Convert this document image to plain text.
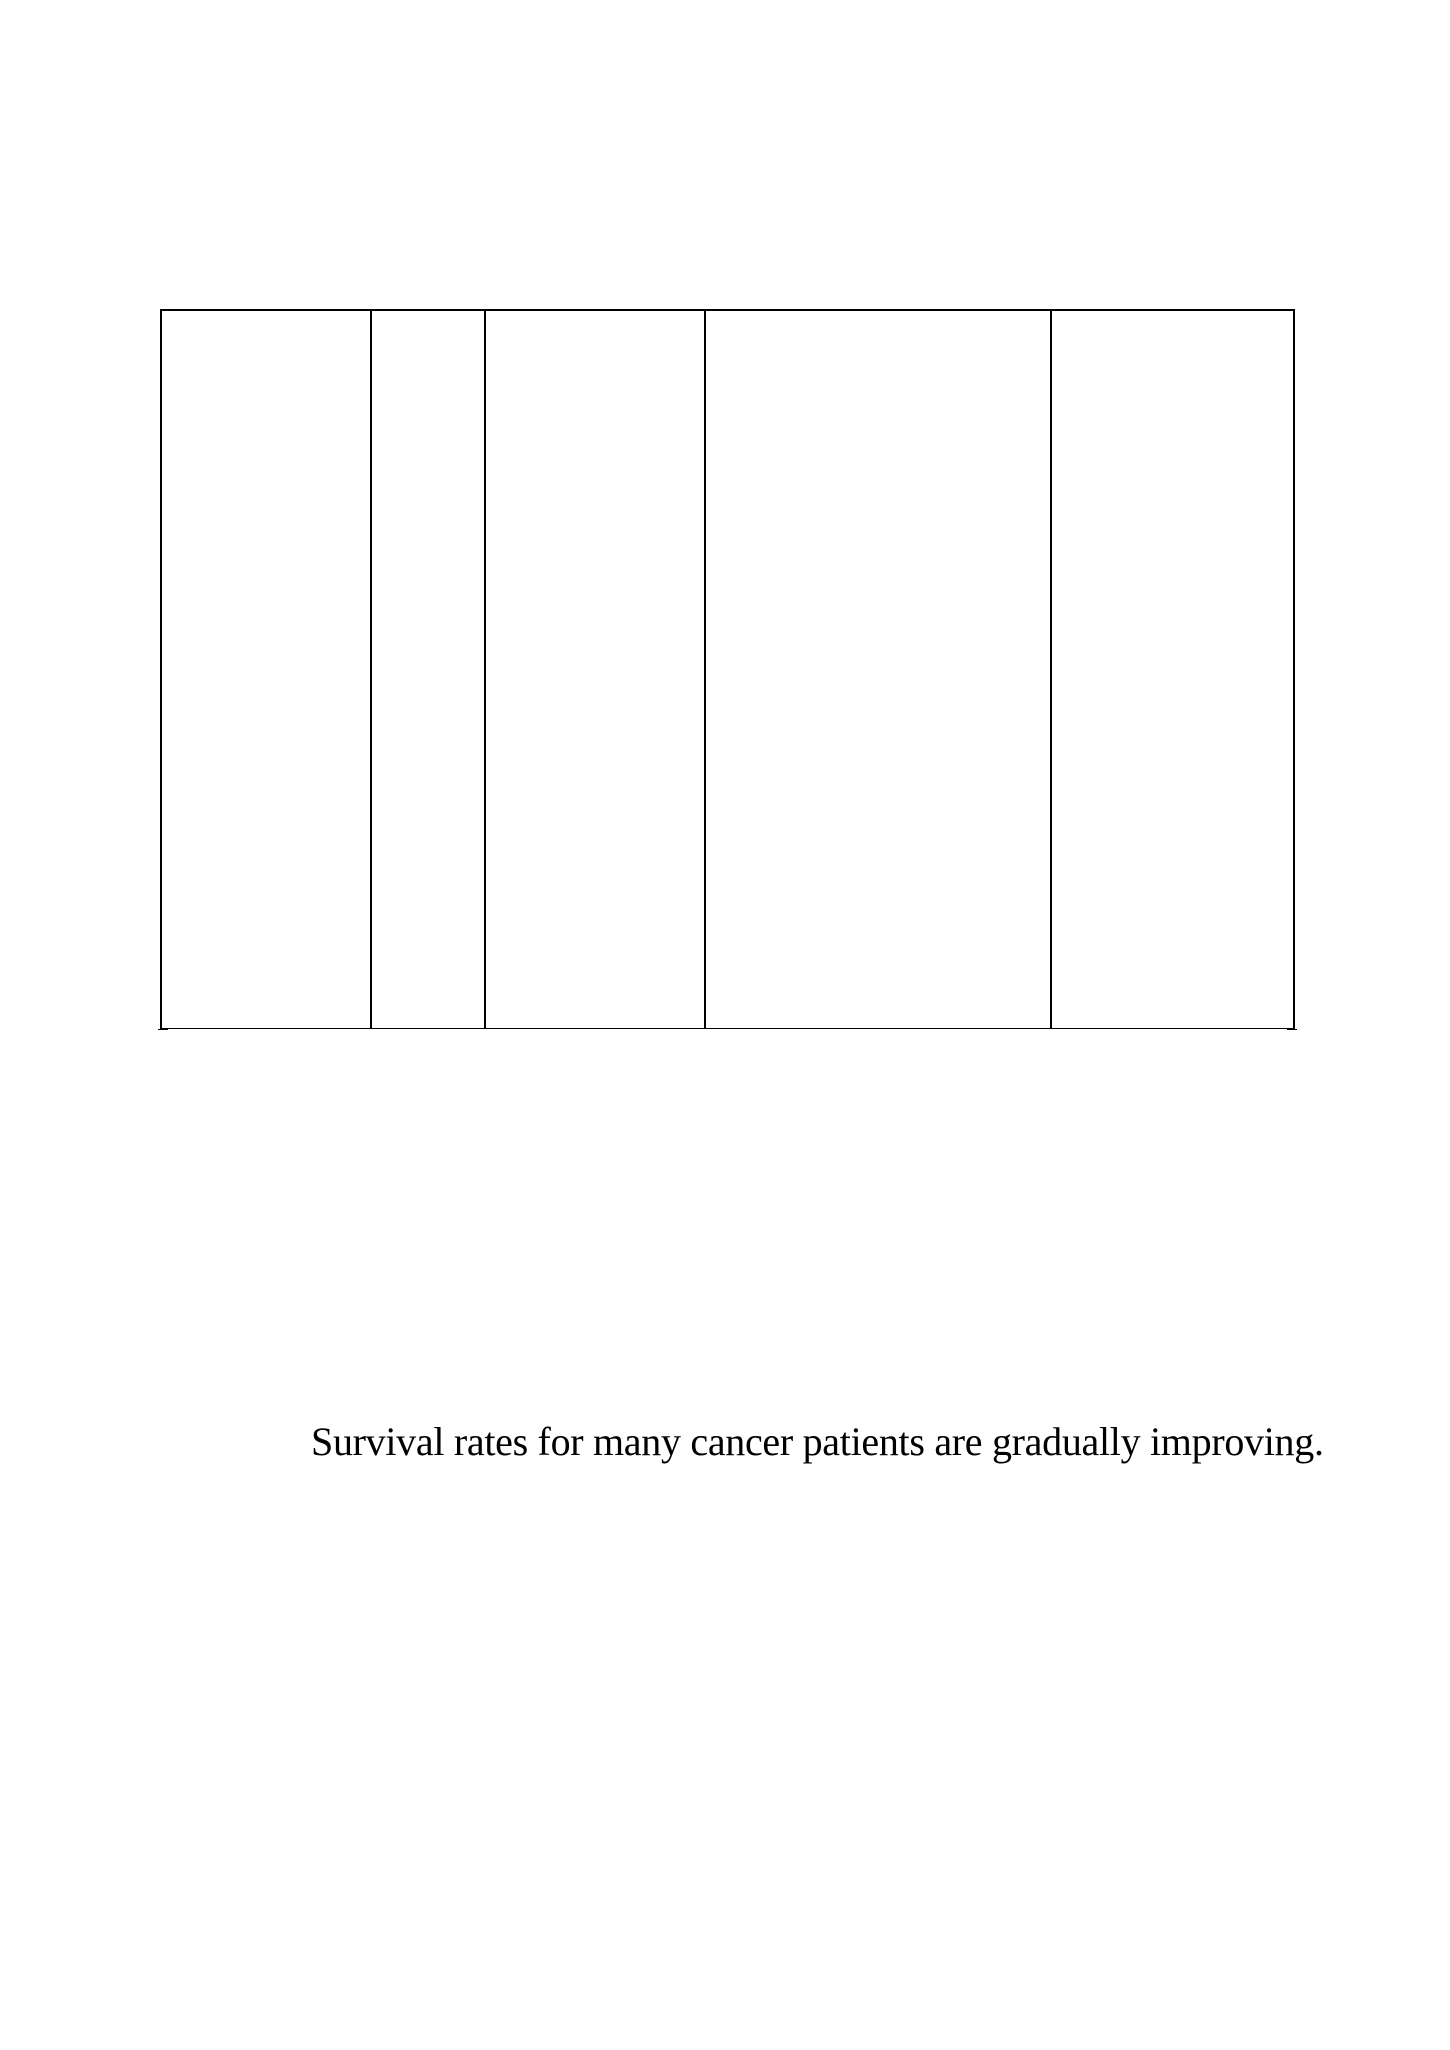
Survival rates for many cancer patients are gradually improving.
